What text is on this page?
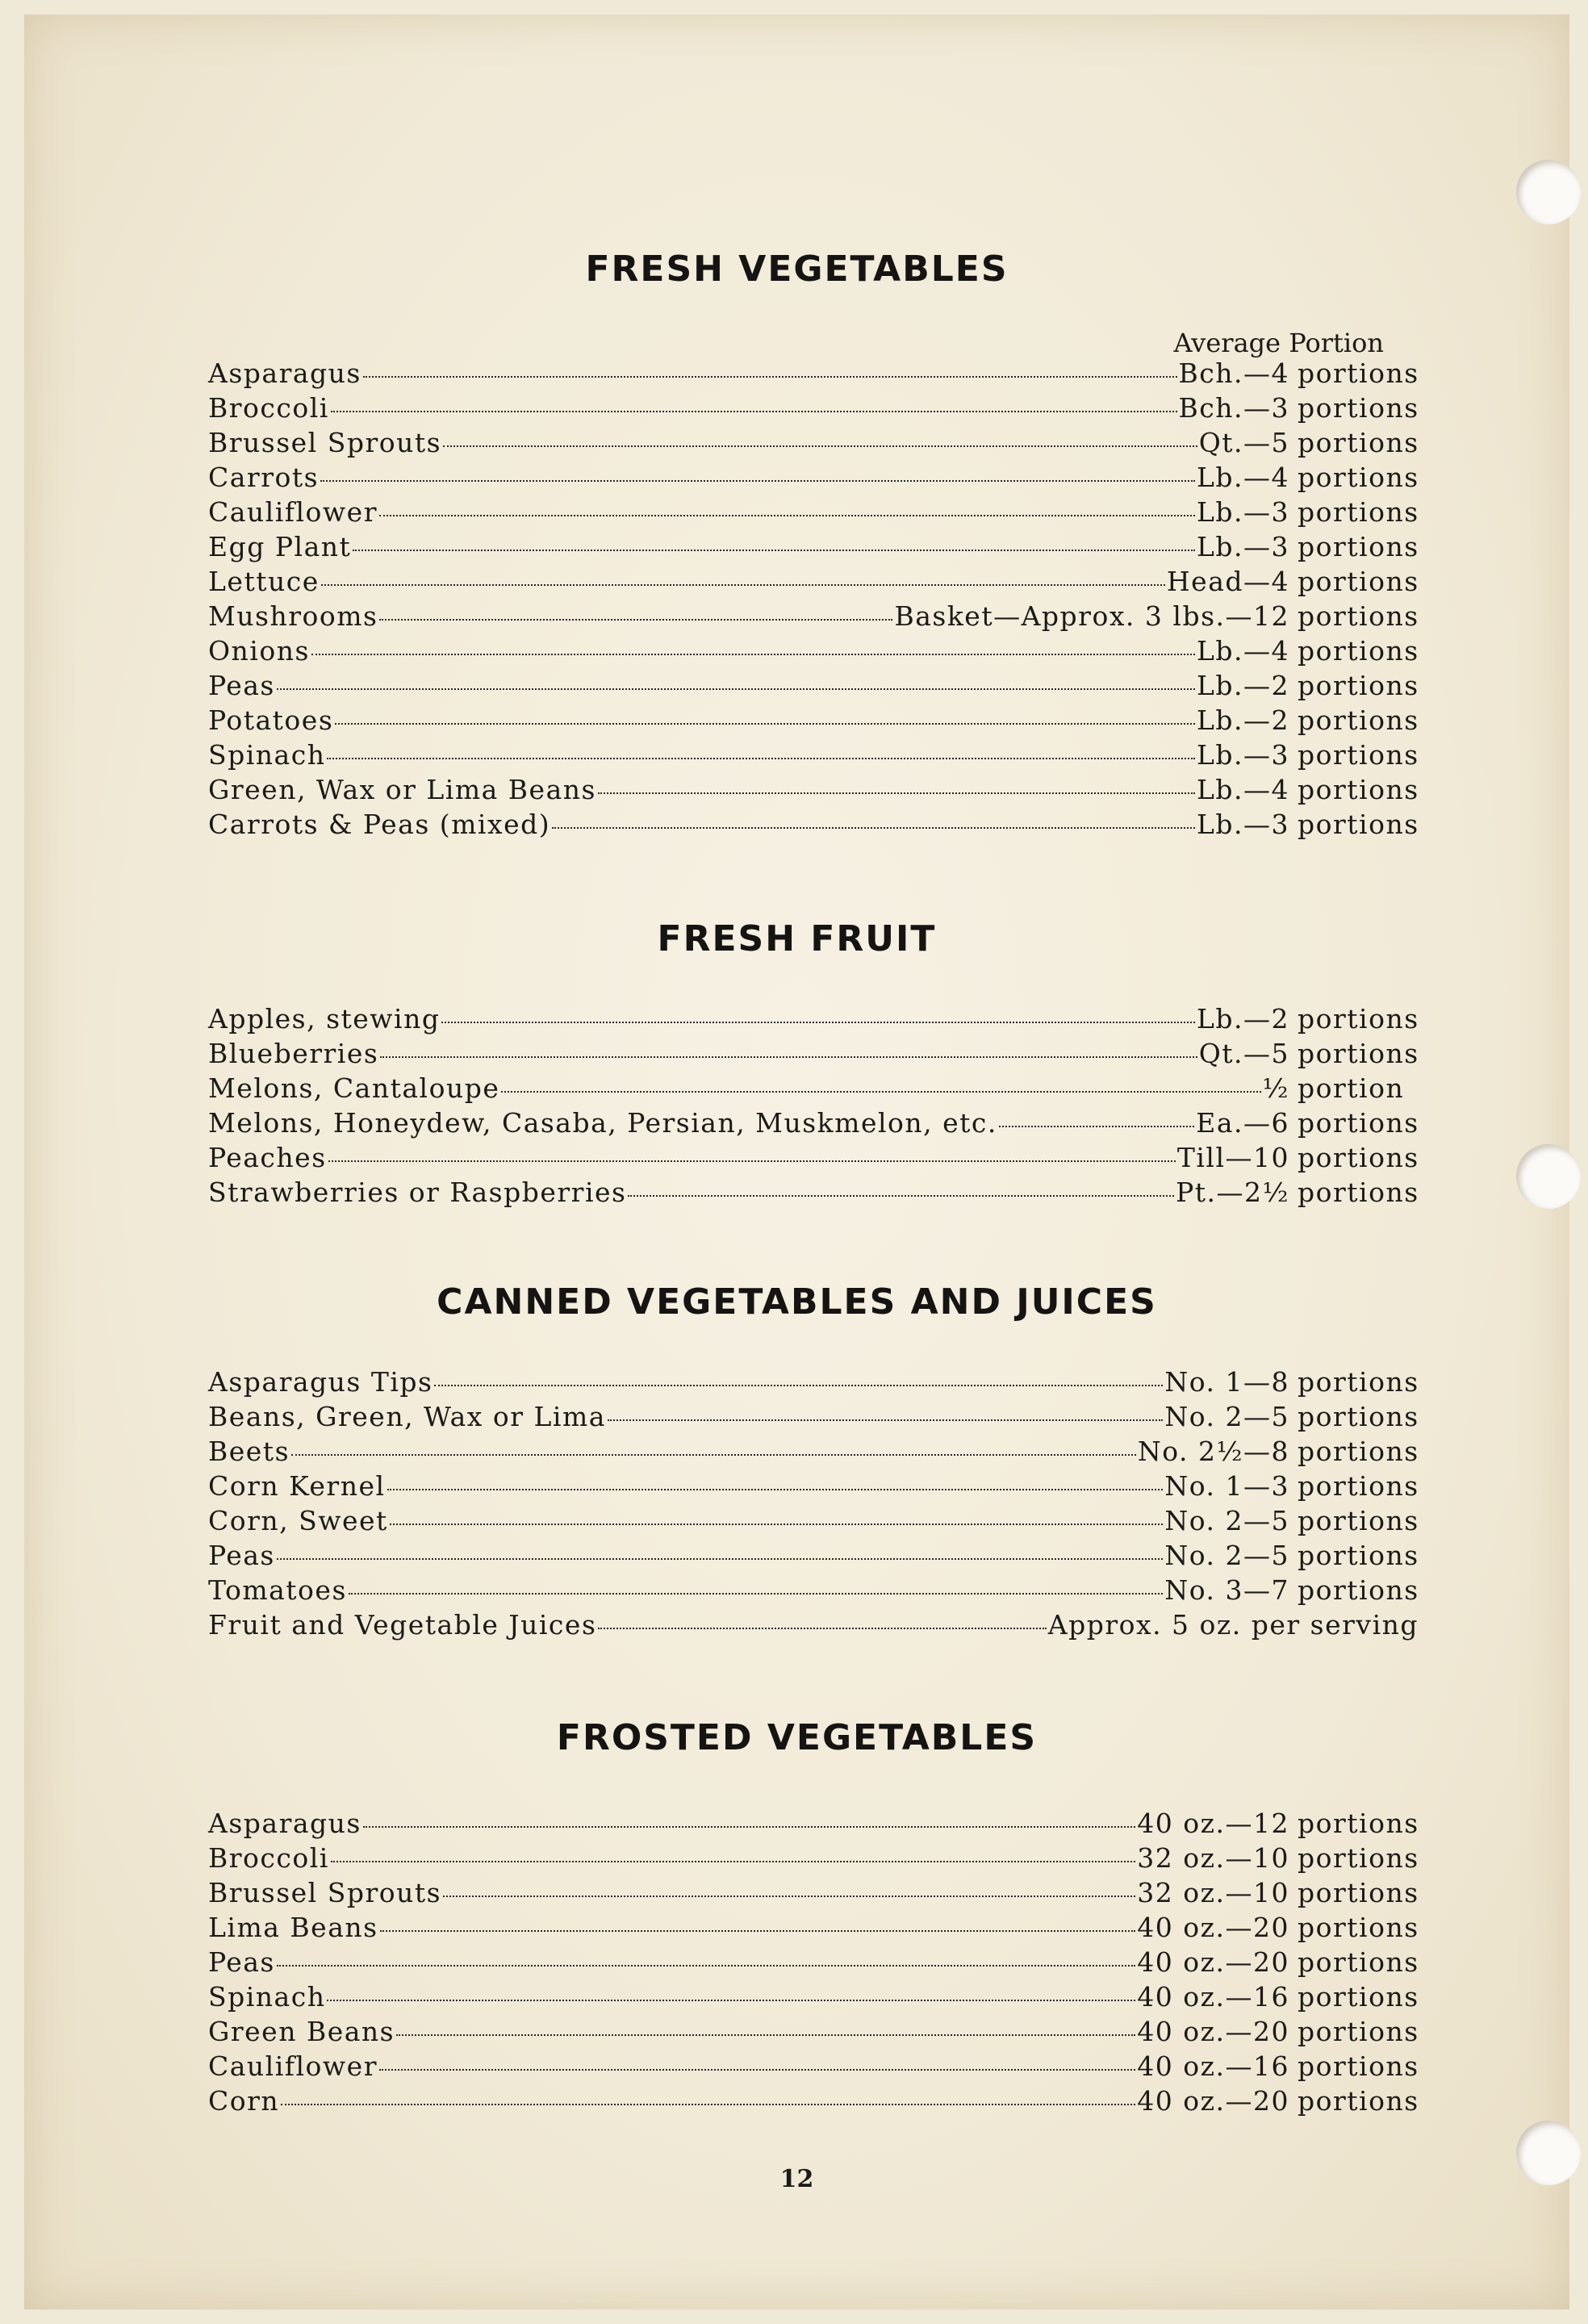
FRESH VEGETABLES
Average Portion
Asparagus	Bch.—4 portions
Broccoli	Bch.—3 portions
Brussel Sprouts	Qt.—5 portions
Carrots	Lb.—4 portions
Cauliflower	Lb.—3 portions
Egg Plant	Lb.—3 portions
Lettuce	Head—4 portions
Mushrooms	Basket—Approx. 3 lbs.—12 portions
Onions	Lb.—4 portions
Peas	Lb.—2 portions
Potatoes	Lb.—2 portions
Spinach	Lb.—3 portions
Green, Wax or Lima Beans	Lb.—4 portions
Carrots & Peas (mixed)	Lb.—3 portions
FRESH FRUIT
Apples, stewing	Lb.—2 portions
Blueberries	Qt.—5 portions
Melons, Cantaloupe	½ portion
Melons, Honeydew, Casaba, Persian, Muskmelon, etc.	Ea.—6 portions
Peaches	Till—10 portions
Strawberries or Raspberries	Pt.—2½ portions
CANNED VEGETABLES AND JUICES
Asparagus Tips	No. 1—8 portions
Beans, Green, Wax or Lima	No. 2—5 portions
Beets	No. 2½—8 portions
Corn Kernel	No. 1—3 portions
Corn, Sweet	No. 2—5 portions
Peas	No. 2—5 portions
Tomatoes	No. 3—7 portions
Fruit and Vegetable Juices	Approx. 5 oz. per serving
FROSTED VEGETABLES
Asparagus	40 oz.—12 portions
Broccoli	32 oz.—10 portions
Brussel Sprouts	32 oz.—10 portions
Lima Beans	40 oz.—20 portions
Peas	40 oz.—20 portions
Spinach	40 oz.—16 portions
Green Beans	40 oz.—20 portions
Cauliflower	40 oz.—16 portions
Corn	40 oz.—20 portions
12
